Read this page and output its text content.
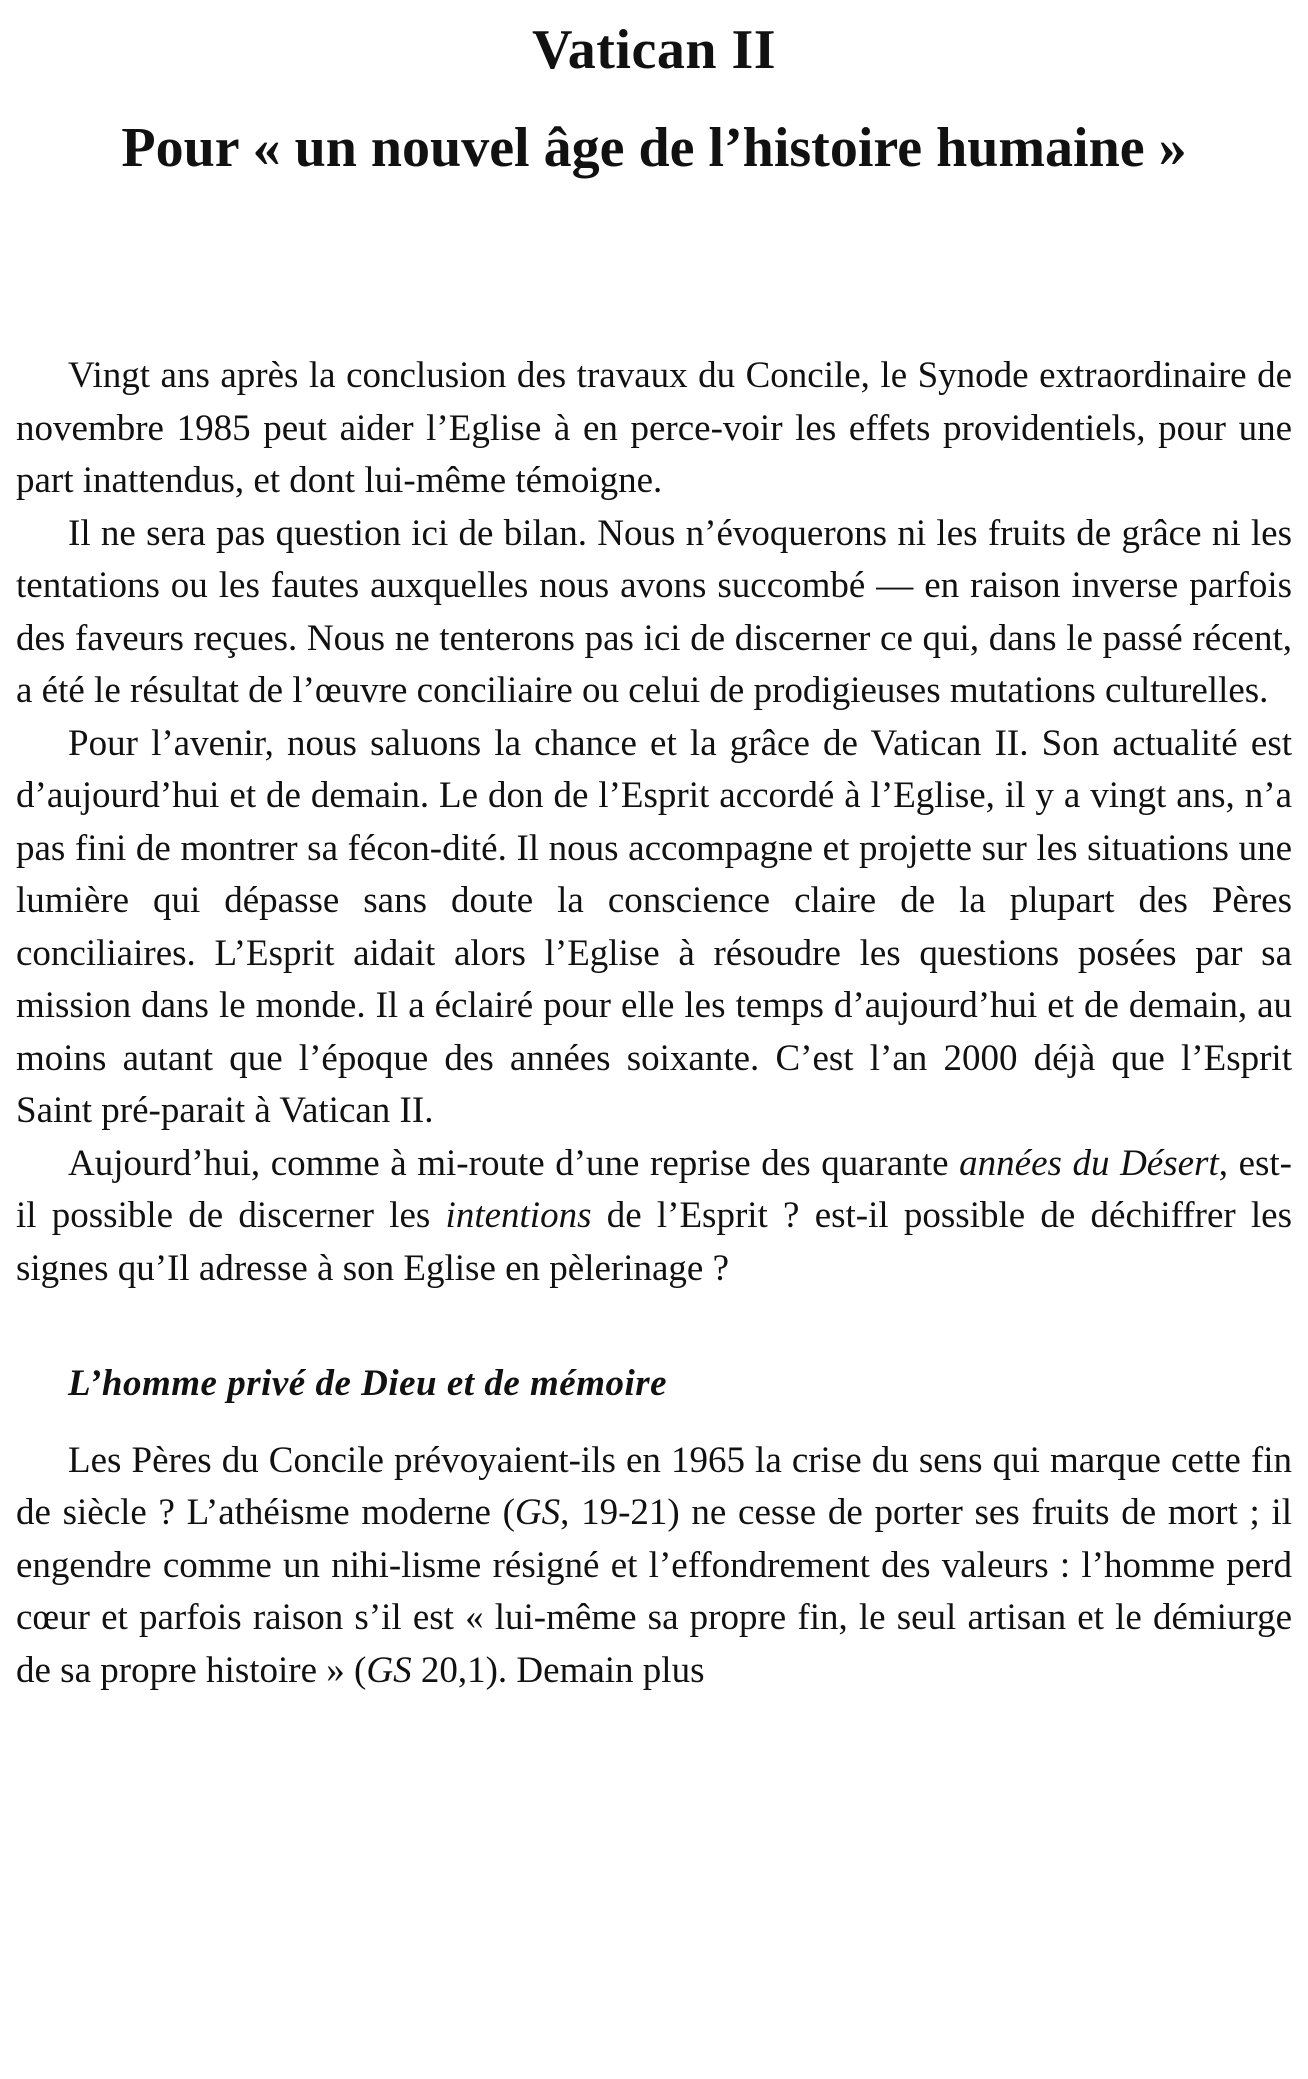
Vatican II
Pour « un nouvel âge de l’histoire humaine »

Vingt ans après la conclusion des travaux du Concile, le Synode extraordinaire de novembre 1985 peut aider l’Eglise à en perce-voir les effets providentiels, pour une part inattendus, et dont lui-même témoigne.

Il ne sera pas question ici de bilan. Nous n’évoquerons ni les fruits de grâce ni les tentations ou les fautes auxquelles nous avons succombé — en raison inverse parfois des faveurs reçues. Nous ne tenterons pas ici de discerner ce qui, dans le passé récent, a été le résultat de l’œuvre conciliaire ou celui de prodigieuses mutations culturelles.

Pour l’avenir, nous saluons la chance et la grâce de Vatican II. Son actualité est d’aujourd’hui et de demain. Le don de l’Esprit accordé à l’Eglise, il y a vingt ans, n’a pas fini de montrer sa fécon-dité. Il nous accompagne et projette sur les situations une lumière qui dépasse sans doute la conscience claire de la plupart des Pères conciliaires. L’Esprit aidait alors l’Eglise à résoudre les questions posées par sa mission dans le monde. Il a éclairé pour elle les temps d’aujourd’hui et de demain, au moins autant que l’époque des années soixante. C’est l’an 2000 déjà que l’Esprit Saint pré-parait à Vatican II.

Aujourd’hui, comme à mi-route d’une reprise des quarante années du Désert, est-il possible de discerner les intentions de l’Esprit ? est-il possible de déchiffrer les signes qu’Il adresse à son Eglise en pèlerinage ?

L’homme privé de Dieu et de mémoire

Les Pères du Concile prévoyaient-ils en 1965 la crise du sens qui marque cette fin de siècle ? L’athéisme moderne (GS, 19-21) ne cesse de porter ses fruits de mort ; il engendre comme un nihi-lisme résigné et l’effondrement des valeurs : l’homme perd cœur et parfois raison s’il est « lui-même sa propre fin, le seul artisan et le démiurge de sa propre histoire » (GS 20,1). Demain plus
